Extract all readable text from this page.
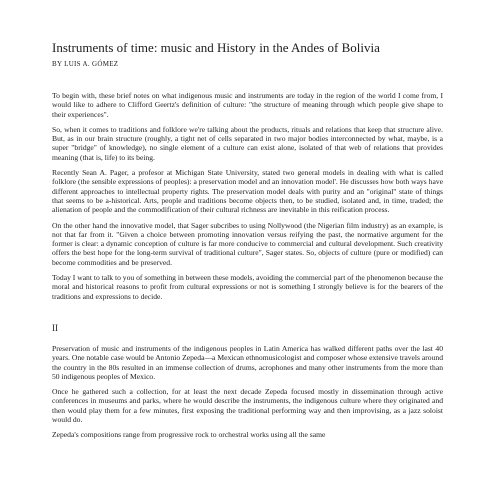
Instruments of time: music and History in the Andes of Bolivia
BY LUIS A. GÓMEZ

To begin with, these brief notes on what indigenous music and instruments are today in the region of the world I come from, I would like to adhere to Clifford Geertz's definition of culture: "the structure of meaning through which people give shape to their experiences".

So, when it comes to traditions and folklore we're talking about the products, rituals and relations that keep that structure alive. But, as in our brain structure (roughly, a tight net of cells separated in two major bodies interconnected by what, maybe, is a super "bridge" of knowledge), no single element of a culture can exist alone, isolated of that web of relations that provides meaning (that is, life) to its being.

Recently Sean A. Pager, a profesor at Michigan State University, stated two general models in dealing with what is called folklore (the sensible expressions of peoples): a preservation model and an innovation model'. He discusses how both ways have different approaches to intellectual property rights. The preservation model deals with purity and an "original" state of things that seems to be a-historical. Arts, people and traditions become objects then, to be studied, isolated and, in time, traded; the alienation of people and the commodification of their cultural richness are inevitable in this reification process.

On the other hand the innovative model, that Sager subcribes to using Nollywood (the Nigerian film industry) as an example, is not that far from it. "Given a choice between promoting innovation versus reifying the past, the normative argument for the former is clear: a dynamic conception of culture is far more conducive to commercial and cultural development. Such creativity offers the best hope for the long-term survival of traditional culture", Sager states. So, objects of culture (pure or modified) can become commodities and be preserved.

Today I want to talk to you of something in between these models, avoiding the commercial part of the phenomenon because the moral and historical reasons to profit from cultural expressions or not is something I strongly believe is for the bearers of the traditions and expressions to decide.

II

Preservation of music and instruments of the indigenous peoples in Latin America has walked different paths over the last 40 years. One notable case would be Antonio Zepeda—a Mexican ethnomusicologist and composer whose extensive travels around the country in the 80s resulted in an immense collection of drums, acrophones and many other instruments from the more than 50 indigenous peoples of Mexico.

Once he gathered such a collection, for at least the next decade Zepeda focused mostly in dissemination through active conferences in museums and parks, where he would describe the instruments, the indigenous culture where they originated and then would play them for a few minutes, first exposing the traditional performing way and then improvising, as a jazz soloist would do.

Zepeda's compositions range from progressive rock to orchestral works using all the same
